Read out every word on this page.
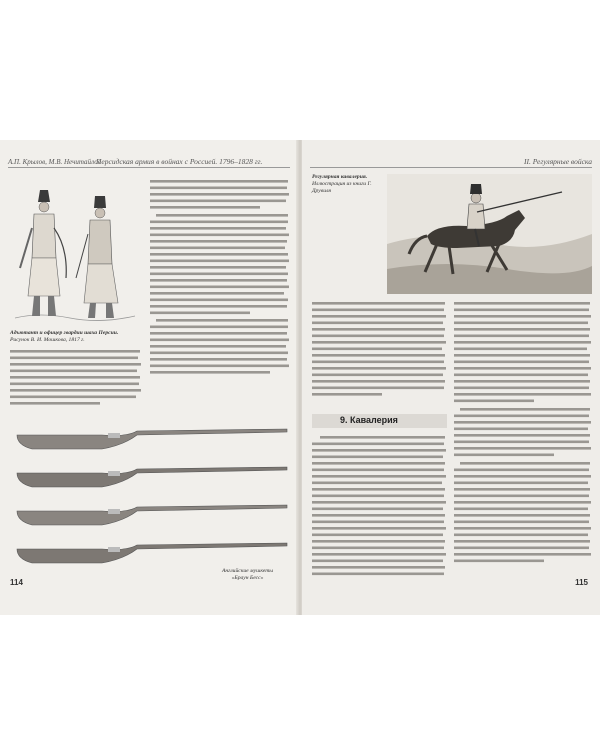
А.П. Крылов, М.В. Нечитайлов
Персидская армия в войнах с Россией. 1796–1828 гг.
Адъютант и офицер гвардии шаха Персии.
Рисунок В. И. Мошкова, 1817 г.
Английские мушкеты
«Браун Бесс»
114
II. Регулярные войска
Регулярная кавалерия.
Иллюстрация из книги Г. Друвиля
9. Кавалерия
115
